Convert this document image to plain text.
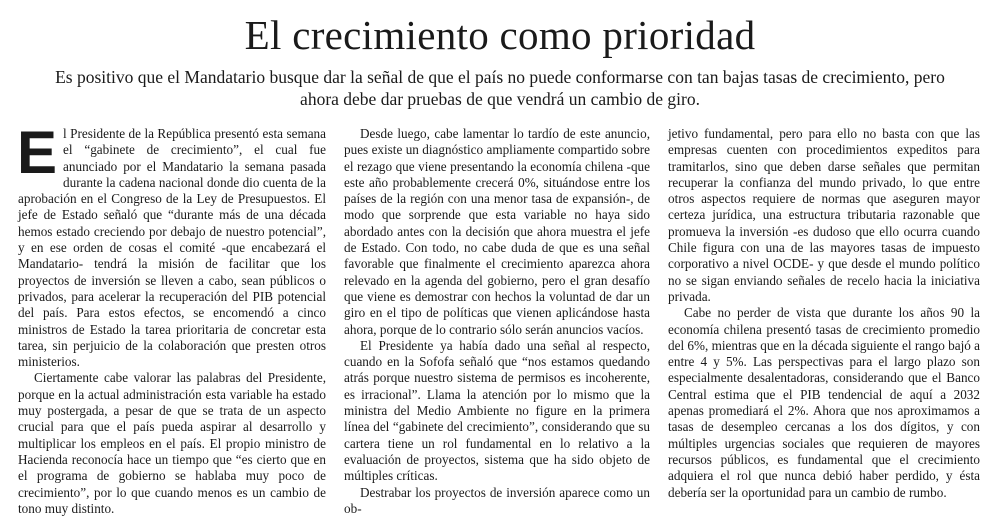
El crecimiento como prioridad

Es positivo que el Mandatario busque dar la señal de que el país no puede conformarse con tan bajas tasas de crecimiento, pero ahora debe dar pruebas de que vendrá un cambio de giro.

El Presidente de la República presentó esta semana el “gabinete de crecimiento”, el cual fue anunciado por el Mandatario la semana pasada durante la cadena nacional donde dio cuenta de la aprobación en el Congreso de la Ley de Presupuestos. El jefe de Estado señaló que “durante más de una década hemos estado creciendo por debajo de nuestro potencial”, y en ese orden de cosas el comité -que encabezará el Mandatario- tendrá la misión de facilitar que los proyectos de inversión se lleven a cabo, sean públicos o privados, para acelerar la recuperación del PIB potencial del país. Para estos efectos, se encomendó a cinco ministros de Estado la tarea prioritaria de concretar esta tarea, sin perjuicio de la colaboración que presten otros ministerios.

Ciertamente cabe valorar las palabras del Presidente, porque en la actual administración esta variable ha estado muy postergada, a pesar de que se trata de un aspecto crucial para que el país pueda aspirar al desarrollo y multiplicar los empleos en el país. El propio ministro de Hacienda reconocía hace un tiempo que “es cierto que en el programa de gobierno se hablaba muy poco de crecimiento”, por lo que cuando menos es un cambio de tono muy distinto.

Desde luego, cabe lamentar lo tardío de este anuncio, pues existe un diagnóstico ampliamente compartido sobre el rezago que viene presentando la economía chilena -que este año probablemente crecerá 0%, situándose entre los países de la región con una menor tasa de expansión-, de modo que sorprende que esta variable no haya sido abordado antes con la decisión que ahora muestra el jefe de Estado. Con todo, no cabe duda de que es una señal favorable que finalmente el crecimiento aparezca ahora relevado en la agenda del gobierno, pero el gran desafío que viene es demostrar con hechos la voluntad de dar un giro en el tipo de políticas que vienen aplicándose hasta ahora, porque de lo contrario sólo serán anuncios vacíos.

El Presidente ya había dado una señal al respecto, cuando en la Sofofa señaló que “nos estamos quedando atrás porque nuestro sistema de permisos es incoherente, es irracional”. Llama la atención por lo mismo que la ministra del Medio Ambiente no figure en la primera línea del “gabinete del crecimiento”, considerando que su cartera tiene un rol fundamental en lo relativo a la evaluación de proyectos, sistema que ha sido objeto de múltiples críticas.

Destrabar los proyectos de inversión aparece como un ob-

jetivo fundamental, pero para ello no basta con que las empresas cuenten con procedimientos expeditos para tramitarlos, sino que deben darse señales que permitan recuperar la confianza del mundo privado, lo que entre otros aspectos requiere de normas que aseguren mayor certeza jurídica, una estructura tributaria razonable que promueva la inversión -es dudoso que ello ocurra cuando Chile figura con una de las mayores tasas de impuesto corporativo a nivel OCDE- y que desde el mundo político no se sigan enviando señales de recelo hacia la iniciativa privada.

Cabe no perder de vista que durante los años 90 la economía chilena presentó tasas de crecimiento promedio del 6%, mientras que en la década siguiente el rango bajó a entre 4 y 5%. Las perspectivas para el largo plazo son especialmente desalentadoras, considerando que el Banco Central estima que el PIB tendencial de aquí a 2032 apenas promediará el 2%. Ahora que nos aproximamos a tasas de desempleo cercanas a los dos dígitos, y con múltiples urgencias sociales que requieren de mayores recursos públicos, es fundamental que el crecimiento adquiera el rol que nunca debió haber perdido, y ésta debería ser la oportunidad para un cambio de rumbo.
